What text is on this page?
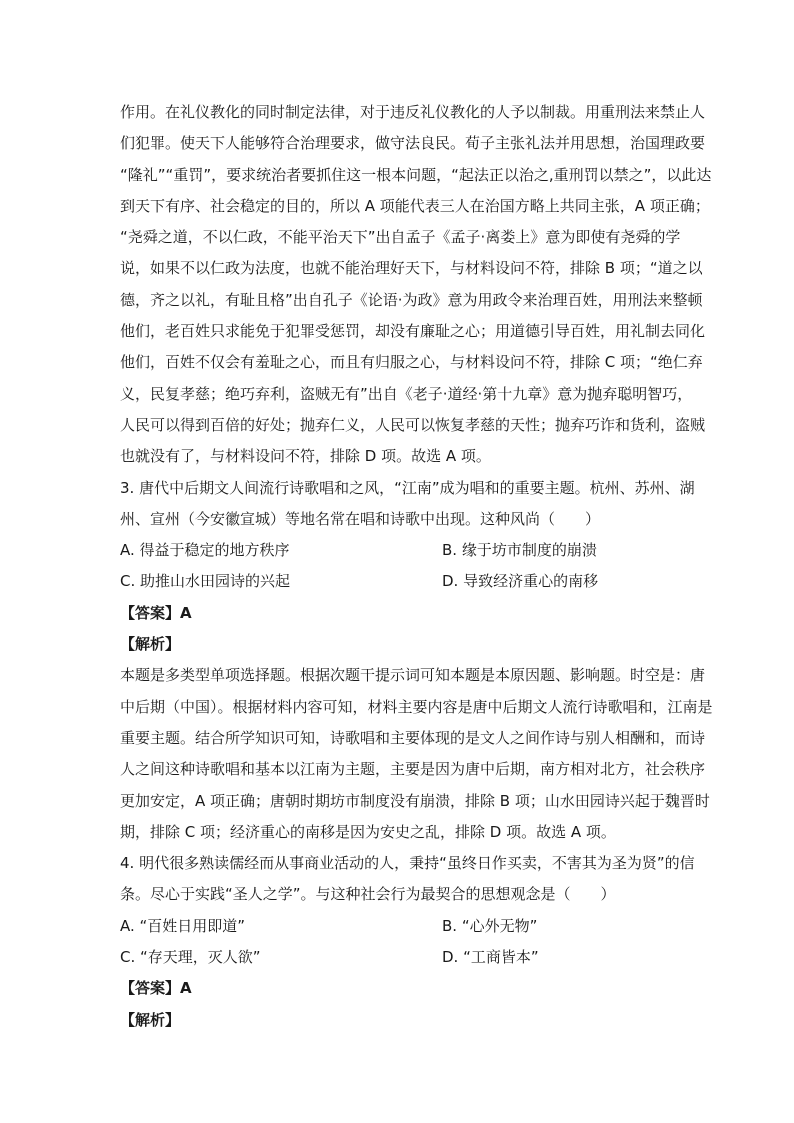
作用。在礼仪教化的同时制定法律，对于违反礼仪教化的人予以制裁。用重刑法来禁止人
们犯罪。使天下人能够符合治理要求，做守法良民。荀子主张礼法并用思想，治国理政要
“隆礼”“重罚”，要求统治者要抓住这一根本问题，“起法正以治之,重刑罚以禁之”，以此达
到天下有序、社会稳定的目的，所以 A 项能代表三人在治国方略上共同主张，A 项正确；
“尧舜之道，不以仁政，不能平治天下”出自孟子《孟子·离娄上》意为即使有尧舜的学
说，如果不以仁政为法度，也就不能治理好天下，与材料设问不符，排除 B 项；“道之以
德，齐之以礼，有耻且格”出自孔子《论语·为政》意为用政令来治理百姓，用刑法来整顿
他们，老百姓只求能免于犯罪受惩罚，却没有廉耻之心；用道德引导百姓，用礼制去同化
他们，百姓不仅会有羞耻之心，而且有归服之心，与材料设问不符，排除 C 项；“绝仁弃
义，民复孝慈；绝巧弃利，盗贼无有”出自《老子·道经·第十九章》意为抛弃聪明智巧，
人民可以得到百倍的好处；抛弃仁义，人民可以恢复孝慈的天性；抛弃巧诈和货利，盗贼
也就没有了，与材料设问不符，排除 D 项。故选 A 项。
3. 唐代中后期文人间流行诗歌唱和之风，“江南”成为唱和的重要主题。杭州、苏州、湖
州、宣州（今安徽宣城）等地名常在唱和诗歌中出现。这种风尚（　　）
A. 得益于稳定的地方秩序	B. 缘于坊市制度的崩溃
C. 助推山水田园诗的兴起	D. 导致经济重心的南移
【答案】A
【解析】
本题是多类型单项选择题。根据次题干提示词可知本题是本原因题、影响题。时空是：唐
中后期（中国）。根据材料内容可知，材料主要内容是唐中后期文人流行诗歌唱和，江南是
重要主题。结合所学知识可知，诗歌唱和主要体现的是文人之间作诗与别人相酬和，而诗
人之间这种诗歌唱和基本以江南为主题，主要是因为唐中后期，南方相对北方，社会秩序
更加安定，A 项正确；唐朝时期坊市制度没有崩溃，排除 B 项；山水田园诗兴起于魏晋时
期，排除 C 项；经济重心的南移是因为安史之乱，排除 D 项。故选 A 项。
4. 明代很多熟读儒经而从事商业活动的人，秉持“虽终日作买卖，不害其为圣为贤”的信
条。尽心于实践“圣人之学”。与这种社会行为最契合的思想观念是（　　）
A. “百姓日用即道”	B. “心外无物”
C. “存天理，灭人欲”	D. “工商皆本”
【答案】A
【解析】
